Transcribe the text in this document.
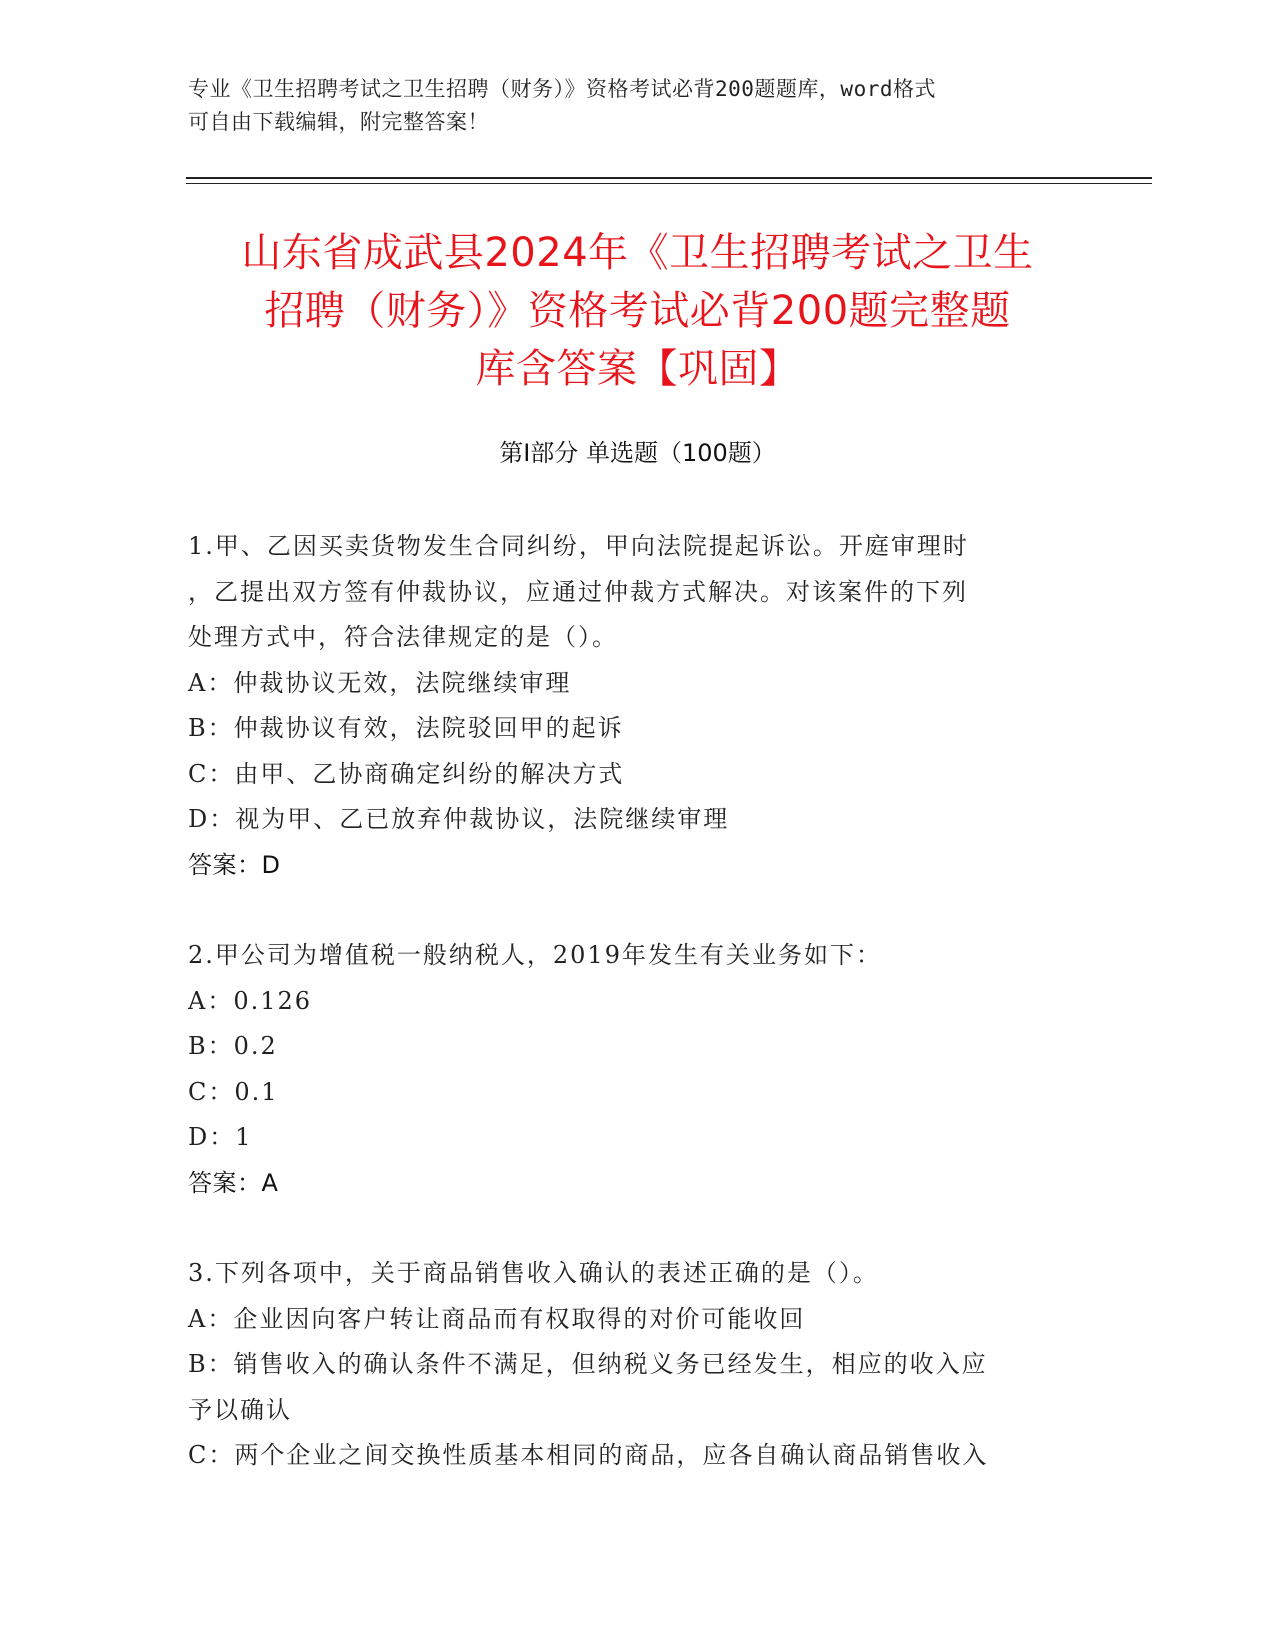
专业《卫生招聘考试之卫生招聘（财务）》资格考试必背200题题库，word格式
可自由下载编辑，附完整答案！
山东省成武县2024年《卫生招聘考试之卫生
招聘（财务）》资格考试必背200题完整题
库含答案【巩固】
第Ⅰ部分 单选题（100题）
1.甲、乙因买卖货物发生合同纠纷，甲向法院提起诉讼。开庭审理时
，乙提出双方签有仲裁协议，应通过仲裁方式解决。对该案件的下列
处理方式中，符合法律规定的是（）。
A：仲裁协议无效，法院继续审理
B：仲裁协议有效，法院驳回甲的起诉
C：由甲、乙协商确定纠纷的解决方式
D：视为甲、乙已放弃仲裁协议，法院继续审理
答案：D
2.甲公司为增值税一般纳税人，2019年发生有关业务如下：
A：0.126
B：0.2
C：0.1
D：1
答案：A
3.下列各项中，关于商品销售收入确认的表述正确的是（）。
A：企业因向客户转让商品而有权取得的对价可能收回
B：销售收入的确认条件不满足，但纳税义务已经发生，相应的收入应
予以确认
C：两个企业之间交换性质基本相同的商品，应各自确认商品销售收入
